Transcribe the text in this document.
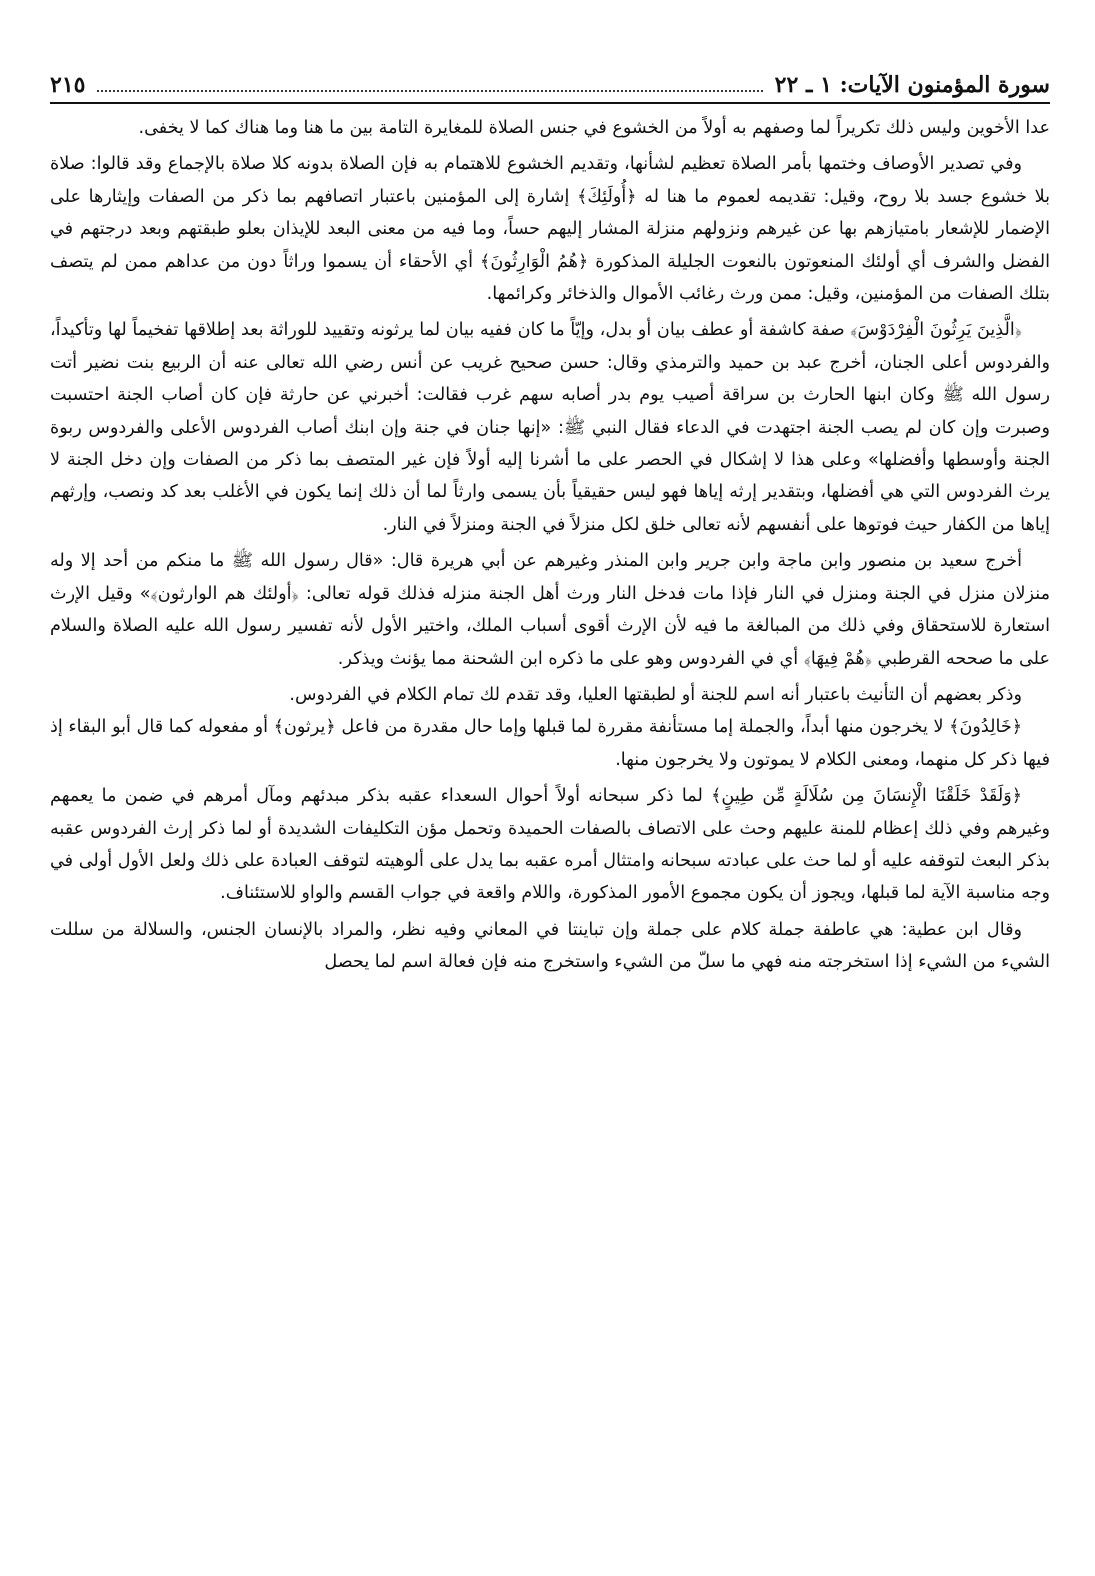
سورة المؤمنون الآيات: ١ ـ ٢٢
٢١٥

عدا الأخوين وليس ذلك تكريراً لما وصفهم به أولاً من الخشوع في جنس الصلاة للمغايرة التامة بين ما هنا وما هناك كما لا يخفى.

وفي تصدير الأوصاف وختمها بأمر الصلاة تعظيم لشأنها، وتقديم الخشوع للاهتمام به فإن الصلاة بدونه كلا صلاة بالإجماع وقد قالوا: صلاة بلا خشوع جسد بلا روح، وقيل: تقديمه لعموم ما هنا له ﴿أُولَئِكَ﴾ إشارة إلى المؤمنين باعتبار اتصافهم بما ذكر من الصفات وإيثارها على الإضمار للإشعار بامتيازهم بها عن غيرهم ونزولهم منزلة المشار إليهم حساً، وما فيه من معنى البعد للإيذان بعلو طبقتهم وبعد درجتهم في الفضل والشرف أي أولئك المنعوتون بالنعوت الجليلة المذكورة ﴿هُمُ الْوَارِثُونَ﴾ أي الأحقاء أن يسموا وراثاً دون من عداهم ممن لم يتصف بتلك الصفات من المؤمنين، وقيل: ممن ورث رغائب الأموال والذخائر وكرائمها.

﴿الَّذِينَ يَرِثُونَ الْفِرْدَوْسَ﴾ صفة كاشفة أو عطف بيان أو بدل، وإيّاً ما كان ففيه بيان لما يرثونه وتقييد للوراثة بعد إطلاقها تفخيماً لها وتأكيداً، والفردوس أعلى الجنان، أخرج عبد بن حميد والترمذي وقال: حسن صحيح غريب عن أنس رضي الله تعالى عنه أن الربيع بنت نضير أتت رسول الله ﷺ وكان ابنها الحارث بن سراقة أصيب يوم بدر أصابه سهم غرب فقالت: أخبرني عن حارثة فإن كان أصاب الجنة احتسبت وصبرت وإن كان لم يصب الجنة اجتهدت في الدعاء فقال النبي ﷺ: «إنها جنان في جنة وإن ابنك أصاب الفردوس الأعلى والفردوس ربوة الجنة وأوسطها وأفضلها» وعلى هذا لا إشكال في الحصر على ما أشرنا إليه أولاً فإن غير المتصف بما ذكر من الصفات وإن دخل الجنة لا يرث الفردوس التي هي أفضلها، وبتقدير إرثه إياها فهو ليس حقيقياً بأن يسمى وارثاً لما أن ذلك إنما يكون في الأغلب بعد كد ونصب، وإرثهم إياها من الكفار حيث فوتوها على أنفسهم لأنه تعالى خلق لكل منزلاً في الجنة ومنزلاً في النار.

أخرج سعيد بن منصور وابن ماجة وابن جرير وابن المنذر وغيرهم عن أبي هريرة قال: «قال رسول الله ﷺ ما منكم من أحد إلا وله منزلان منزل في الجنة ومنزل في النار فإذا مات فدخل النار ورث أهل الجنة منزله فذلك قوله تعالى: ﴿أولئك هم الوارثون﴾» وقيل الإرث استعارة للاستحقاق وفي ذلك من المبالغة ما فيه لأن الإرث أقوى أسباب الملك، واختير الأول لأنه تفسير رسول الله عليه الصلاة والسلام على ما صححه القرطبي ﴿هُمْ فِيهَا﴾ أي في الفردوس وهو على ما ذكره ابن الشحنة مما يؤنث ويذكر.

وذكر بعضهم أن التأنيث باعتبار أنه اسم للجنة أو لطبقتها العليا، وقد تقدم لك تمام الكلام في الفردوس.

﴿خَالِدُونَ﴾ لا يخرجون منها أبداً، والجملة إما مستأنفة مقررة لما قبلها وإما حال مقدرة من فاعل ﴿يرثون﴾ أو مفعوله كما قال أبو البقاء إذ فيها ذكر كل منهما، ومعنى الكلام لا يموتون ولا يخرجون منها.

﴿وَلَقَدْ خَلَقْنَا الْإِنسَانَ مِن سُلَالَةٍ مِّن طِينٍ﴾ لما ذكر سبحانه أولاً أحوال السعداء عقبه بذكر مبدئهم ومآل أمرهم في ضمن ما يعمهم وغيرهم وفي ذلك إعظام للمنة عليهم وحث على الاتصاف بالصفات الحميدة وتحمل مؤن التكليفات الشديدة أو لما ذكر إرث الفردوس عقبه بذكر البعث لتوقفه عليه أو لما حث على عبادته سبحانه وامتثال أمره عقبه بما يدل على ألوهيته لتوقف العبادة على ذلك ولعل الأول أولى في وجه مناسبة الآية لما قبلها، ويجوز أن يكون مجموع الأمور المذكورة، واللام واقعة في جواب القسم والواو للاستئناف.

وقال ابن عطية: هي عاطفة جملة كلام على جملة وإن تباينتا في المعاني وفيه نظر، والمراد بالإنسان الجنس، والسلالة من سللت الشيء من الشيء إذا استخرجته منه فهي ما سلّ من الشيء واستخرج منه فإن فعالة اسم لما يحصل
